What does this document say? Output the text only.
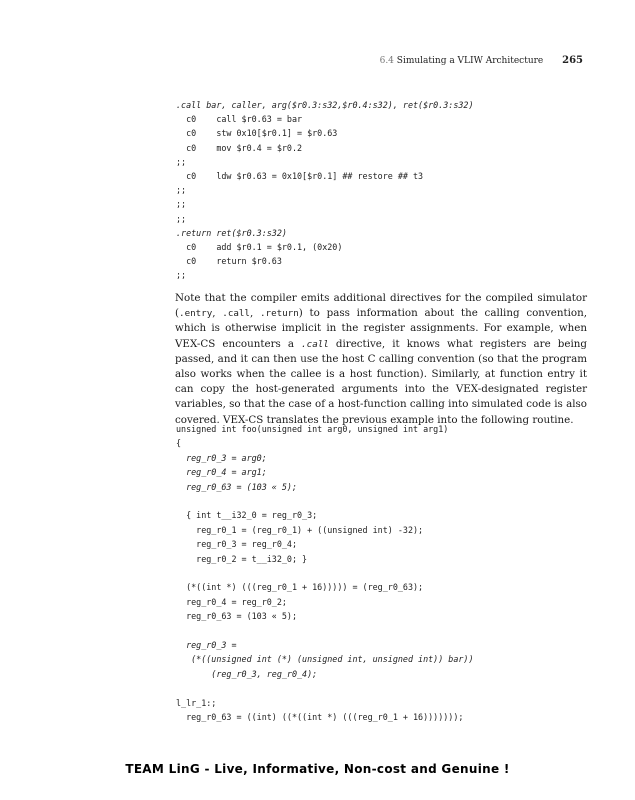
6.4 Simulating a VLIW Architecture 265
.call bar, caller, arg($r0.3:s32,$r0.4:s32), ret($r0.3:s32)
c0    call $r0.63 = bar
c0    stw 0x10[$r0.1] = $r0.63
c0    mov $r0.4 = $r0.2
;;
c0    ldw $r0.63 = 0x10[$r0.1] ## restore ## t3
;;
;;
;;
.return ret($r0.3:s32)
c0    add $r0.1 = $r0.1, (0x20)
c0    return $r0.63
;;

Note that the compiler emits additional directives for the compiled simulator (.entry, .call, .return) to pass information about the calling convention, which is otherwise implicit in the register assignments. For example, when VEX-CS encounters a .call directive, it knows what registers are being passed, and it can then use the host C calling convention (so that the program also works when the callee is a host function). Similarly, at function entry it can copy the host-generated arguments into the VEX-designated register variables, so that the case of a host-function calling into simulated code is also covered. VEX-CS translates the previous example into the following routine.

unsigned int foo(unsigned int arg0, unsigned int arg1)
{
reg_r0_3 = arg0;
reg_r0_4 = arg1;
reg_r0_63 = (103 « 5);
{ int t__i32_0 = reg_r0_3;
reg_r0_1 = (reg_r0_1) + ((unsigned int) -32);
reg_r0_3 = reg_r0_4;
reg_r0_2 = t__i32_0; }
(*((int *) (((reg_r0_1 + 16))))) = (reg_r0_63);
reg_r0_4 = reg_r0_2;
reg_r0_63 = (103 « 5);
reg_r0_3 =
(*((unsigned int (*) (unsigned int, unsigned int)) bar))
(reg_r0_3, reg_r0_4);
l_lr_1:;
reg_r0_63 = ((int) ((*((int *) (((reg_r0_1 + 16)))))));
TEAM LinG - Live, Informative, Non-cost and Genuine !
